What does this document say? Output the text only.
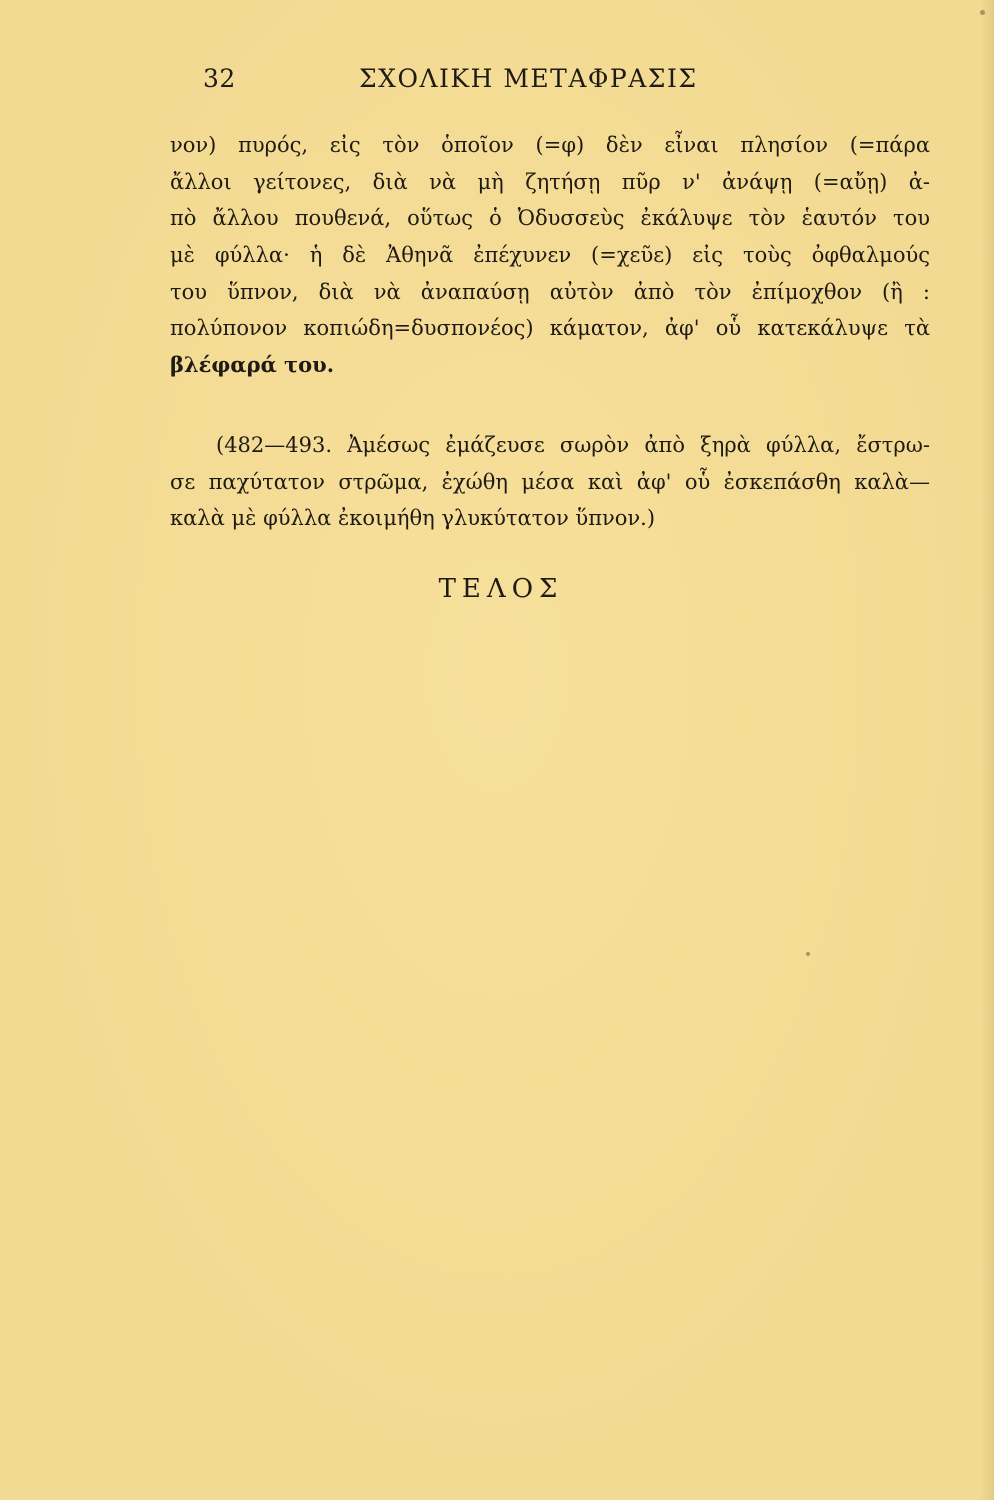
32	ΣΧΟΛΙΚΗ ΜΕΤΑΦΡΑΣΙΣ

νον) πυρός, εἰς τὸν ὁποῖον (=φ) δὲν εἶναι πλησίον (=πάρα

ἄλλοι γείτονες, διὰ νὰ μὴ ζητήσῃ πῦρ ν' ἀνάψῃ (=αὔῃ) ἀ-

πὸ ἄλλου πουθενά, οὕτως ὁ Ὀδυσσεὺς ἐκάλυψε τὸν ἑαυτόν του

μὲ φύλλα· ἡ δὲ Ἀθηνᾶ ἐπέχυνεν (=χεῦε) εἰς τοὺς ὀφθαλμούς

του ὕπνον, διὰ νὰ ἀναπαύσῃ αὐτὸν ἀπὸ τὸν ἐπίμοχθον (ἢ :

πολύπονον κοπιώδη=δυσπονέος) κάματον, ἀφ' οὗ κατεκάλυψε τὰ

βλέφαρά του.

(482—493. Ἀμέσως ἐμάζευσε σωρὸν ἀπὸ ξηρὰ φύλλα, ἔστρω-

σε παχύτατον στρῶμα, ἐχώθη μέσα καὶ ἀφ' οὗ ἐσκεπάσθη καλὰ—

καλὰ μὲ φύλλα ἐκοιμήθη γλυκύτατον ὕπνον.)

ΤΕΛΟΣ
